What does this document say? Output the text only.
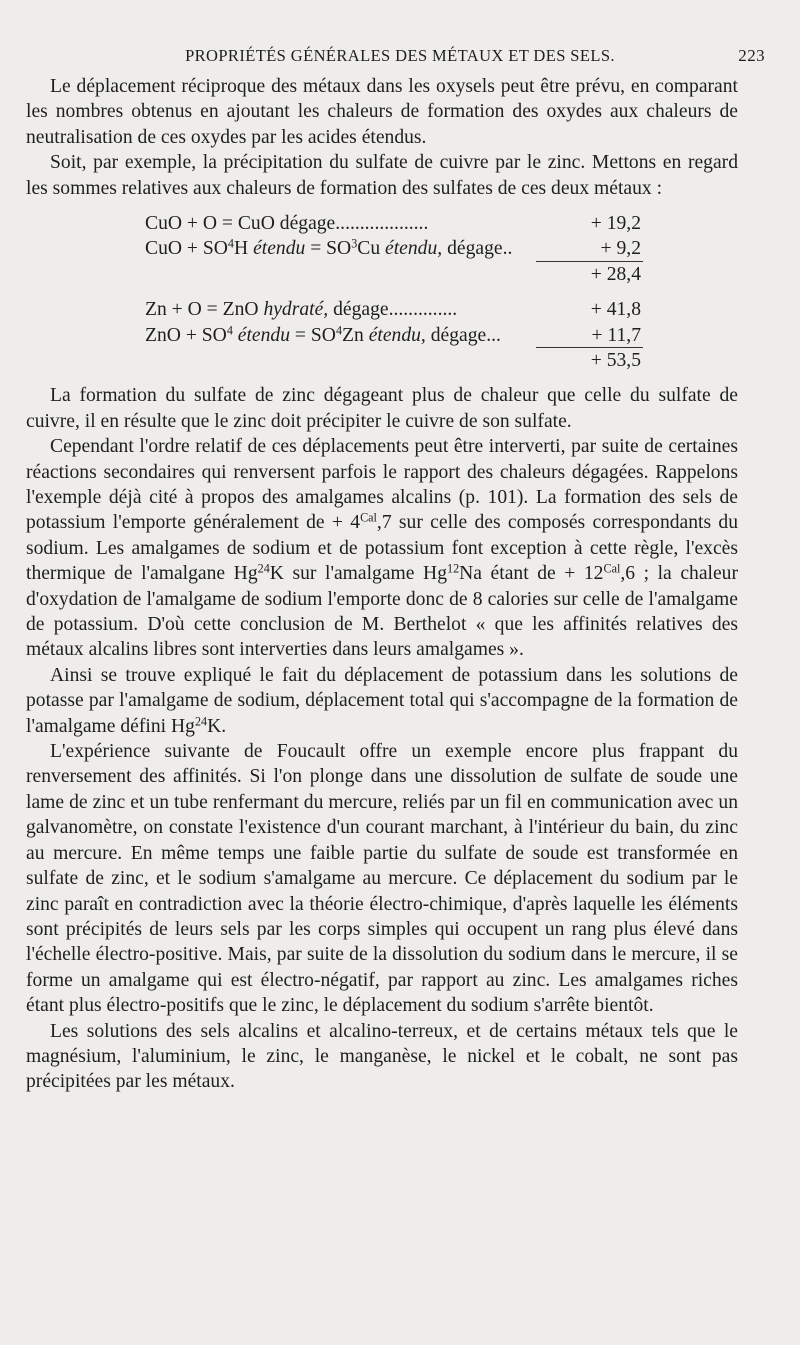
PROPRIÉTÉS GÉNÉRALES DES MÉTAUX ET DES SELS.	223

Le déplacement réciproque des métaux dans les oxysels peut être prévu, en comparant les nombres obtenus en ajoutant les chaleurs de formation des oxydes aux chaleurs de neutralisation de ces oxydes par les acides étendus.

Soit, par exemple, la précipitation du sulfate de cuivre par le zinc. Mettons en regard les sommes relatives aux chaleurs de formation des sulfates de ces deux métaux :

CuO + O = CuO dégage...................	+ 19,2
CuO + $SO^4H$ étendu = $SO^3Cu$ étendu, dégage..	+ 9,2
+ 28,4
Zn + O = ZnO hydraté, dégage..............	+ 41,8
ZnO + $SO^4$ étendu = $SO^4Zn$ étendu, dégage...	+ 11,7
+ 53,5

La formation du sulfate de zinc dégageant plus de chaleur que celle du sulfate de cuivre, il en résulte que le zinc doit précipiter le cuivre de son sulfate.

Cependant l'ordre relatif de ces déplacements peut être interverti, par suite de certaines réactions secondaires qui renversent parfois le rapport des chaleurs dégagées. Rappelons l'exemple déjà cité à propos des amalgames alcalins (p. 101). La formation des sels de potassium l'emporte généralement de + $4^{Cal},7$ sur celle des composés correspondants du sodium. Les amalgames de sodium et de potassium font exception à cette règle, l'excès thermique de l'amalgane Hg$^{24}$K sur l'amalgame Hg$^{12}$Na étant de + $12^{Cal},6$ ; la chaleur d'oxydation de l'amalgame de sodium l'emporte donc de 8 calories sur celle de l'amalgame de potassium. D'où cette conclusion de M. Berthelot « que les affinités relatives des métaux alcalins libres sont interverties dans leurs amalgames ».

Ainsi se trouve expliqué le fait du déplacement de potassium dans les solutions de potasse par l'amalgame de sodium, déplacement total qui s'accompagne de la formation de l'amalgame défini Hg$^{24}$K.

L'expérience suivante de Foucault offre un exemple encore plus frappant du renversement des affinités. Si l'on plonge dans une dissolution de sulfate de soude une lame de zinc et un tube renfermant du mercure, reliés par un fil en communication avec un galvanomètre, on constate l'existence d'un courant marchant, à l'intérieur du bain, du zinc au mercure. En même temps une faible partie du sulfate de soude est transformée en sulfate de zinc, et le sodium s'amalgame au mercure. Ce déplacement du sodium par le zinc paraît en contradiction avec la théorie électro-chimique, d'après laquelle les éléments sont précipités de leurs sels par les corps simples qui occupent un rang plus élevé dans l'échelle électro-positive. Mais, par suite de la dissolution du sodium dans le mercure, il se forme un amalgame qui est électro-négatif, par rapport au zinc. Les amalgames riches étant plus électro-positifs que le zinc, le déplacement du sodium s'arrête bientôt.

Les solutions des sels alcalins et alcalino-terreux, et de certains métaux tels que le magnésium, l'aluminium, le zinc, le manganèse, le nickel et le cobalt, ne sont pas précipitées par les métaux.
